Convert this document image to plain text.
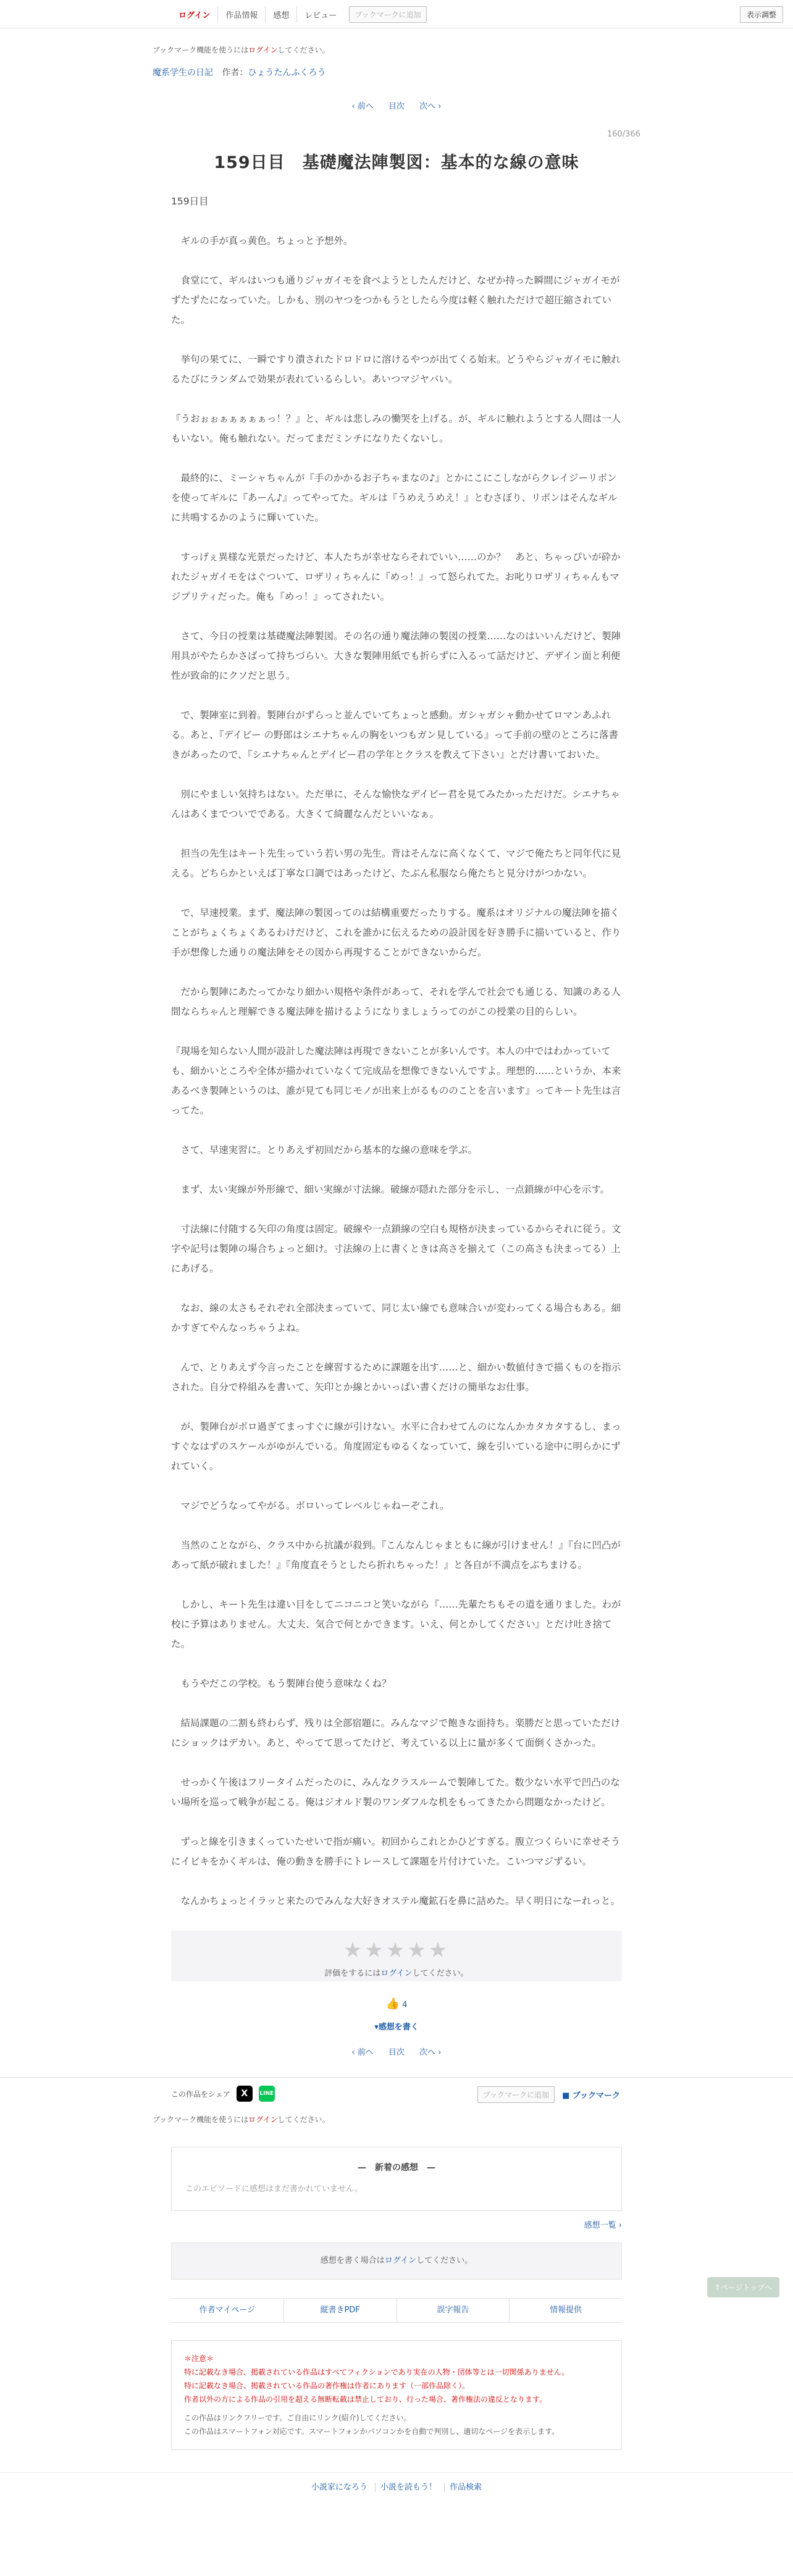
ログイン	作品情報	感想	レビュー	ブックマークに追加	表示調整
ブックマーク機能を使うにはログインしてください。
魔系学生の日記 作者：ひょうたんふくろう
‹ 前へ 目次 次へ ›
160/366
159日目　基礎魔法陣製図：基本的な線の意味

159日目

　ギルの手が真っ黄色。ちょっと予想外。

　食堂にて、ギルはいつも通りジャガイモを食べようとしたんだけど、なぜか持った瞬間にジャガイモがずたずたになっていた。しかも、別のヤつをつかもうとしたら今度は軽く触れただけで超圧縮されていた。

　挙句の果てに、一瞬ですり潰されたドロドロに溶けるやつが出てくる始末。どうやらジャガイモに触れるたびにランダムで効果が表れているらしい。あいつマジヤバい。

『うおぉぉぁぁぁぁぁっ！？』と、ギルは悲しみの慟哭を上げる。が、ギルに触れようとする人間は一人もいない。俺も触れない。だってまだミンチになりたくないし。

　最終的に、ミーシャちゃんが『手のかかるお子ちゃまなの♪』とかにこにこしながらクレイジーリボンを使ってギルに『あーん♪』ってやってた。ギルは『うめえうめえ！』とむさぼり、リボンはそんなギルに共鳴するかのように輝いていた。

　すっげぇ異様な光景だったけど、本人たちが幸せならそれでいい……のか？　あと、ちゃっぴいが砕かれたジャガイモをはぐついて、ロザリィちゃんに『めっ！』って怒られてた。お叱りロザリィちゃんもマジプリティだった。俺も『めっ！』ってされたい。

　さて、今日の授業は基礎魔法陣製図。その名の通り魔法陣の製図の授業……なのはいいんだけど、製陣用具がやたらかさばって持ちづらい。大きな製陣用紙でも折らずに入るって話だけど、デザイン面と利便性が致命的にクソだと思う。

　で、製陣室に到着。製陣台がずらっと並んでいてちょっと感動。ガシャガシャ動かせてロマンあふれる。あと、『デイビー の野郎はシエナちゃんの胸をいつもガン見している』って手前の壁のところに落書きがあったので、『シエナちゃんとデイビー君の学年とクラスを教えて下さい』とだけ書いておいた。

　別にやましい気持ちはない。ただ単に、そんな愉快なデイビー君を見てみたかっただけだ。シエナちゃんはあくまでついでである。大きくて綺麗なんだといいなぁ。

　担当の先生はキート先生っていう若い男の先生。背はそんなに高くなくて、マジで俺たちと同年代に見える。どちらかといえば丁寧な口調ではあったけど、たぶん私服なら俺たちと見分けがつかない。

　で、早速授業。まず、魔法陣の製図ってのは結構重要だったりする。魔系はオリジナルの魔法陣を描くことがちょくちょくあるわけだけど、これを誰かに伝えるための設計図を好き勝手に描いていると、作り手が想像した通りの魔法陣をその図から再現することができないからだ。

　だから製陣にあたってかなり細かい規格や条件があって、それを学んで社会でも通じる、知識のある人間ならちゃんと理解できる魔法陣を描けるようになりましょうってのがこの授業の目的らしい。

『現場を知らない人間が設計した魔法陣は再現できないことが多いんです。本人の中ではわかっていても、細かいところや全体が描かれていなくて完成品を想像できないんですよ。理想的……というか、本来あるべき製陣というのは、誰が見ても同じモノが出来上がるもののことを言います』ってキート先生は言ってた。

　さて、早速実習に。とりあえず初回だから基本的な線の意味を学ぶ。

　まず、太い実線が外形線で、細い実線が寸法線。破線が隠れた部分を示し、一点鎖線が中心を示す。

　寸法線に付随する矢印の角度は固定。破線や一点鎖線の空白も規格が決まっているからそれに従う。文字や記号は製陣の場合ちょっと細け。寸法線の上に書くときは高さを揃えて（この高さも決まってる）上にあげる。

　なお、線の太さもそれぞれ全部決まっていて、同じ太い線でも意味合いが変わってくる場合もある。細かすぎてやんなっちゃうよね。

　んで、とりあえず今言ったことを練習するために課題を出す……と、細かい数値付きで描くものを指示された。自分で枠組みを書いて、矢印とか線とかいっぱい書くだけの簡単なお仕事。

　が、製陣台がボロ過ぎてまっすぐに線が引けない。水平に合わせてんのになんかカタカタするし、まっすぐなはずのスケールがゆがんでいる。角度固定もゆるくなっていて、線を引いている途中に明らかにずれていく。

　マジでどうなってやがる。ボロいってレベルじゃねーぞこれ。

　当然のことながら、クラス中から抗議が殺到。『こんなんじゃまともに線が引けません！』『台に凹凸があって紙が破れました！』『角度直そうとしたら折れちゃった！』と各自が不満点をぶちまける。

　しかし、キート先生は違い目をしてニコニコと笑いながら『……先輩たちもその道を通りました。わが校に予算はありません。大丈夫、気合で何とかできます。いえ、何とかしてください』とだけ吐き捨てた。

　もうやだこの学校。もう製陣台使う意味なくね？

　結局課題の二割も終わらず、残りは全部宿題に。みんなマジで飽きな面持ち。楽勝だと思っていただけにショックはデカい。あと、やってて思ってたけど、考えている以上に量が多くて面倒くさかった。

　せっかく午後はフリータイムだったのに、みんなクラスルームで製陣してた。数少ない水平で凹凸のない場所を巡って戦争が起こる。俺はジオルド製のワンダフルな机をもってきたから問題なかったけど。

　ずっと線を引きまくっていたせいで指が痛い。初回からこれとかひどすぎる。腹立つくらいに幸せそうにイビキをかくギルは、俺の動きを勝手にトレースして課題を片付けていた。こいつマジずるい。

　なんかちょっとイラッと来たのでみんな大好きオステル魔鉱石を鼻に詰めた。早く明日になーれっと。

★★★★★
評価をするにはログインしてください。
👍 4
▾感想を書く
‹ 前へ 目次 次へ ›
この作品をシェア	X	LINE	ブックマークに追加	■ ブックマーク
ブックマーク機能を使うにはログインしてください。
—　新着の感想　—
このエピソードに感想はまだ書かれていません。
感想一覧 ›
感想を書く場合はログインしてください。
↑ページトップへ
作者マイページ	縦書きPDF	誤字報告	情報提供
＊注意＊
特に記載なき場合、掲載されている作品はすべてフィクションであり実在の人物・団体等とは一切関係ありません。
特に記載なき場合、掲載されている作品の著作権は作者にあります（一部作品除く）。
作者以外の方による作品の引用を超える無断転載は禁止しており、行った場合、著作権法の違反となります。
この作品はリンクフリーです。ご自由にリンク(紹介)してください。
この作品はスマートフォン対応です。スマートフォンかパソコンかを自動で判別し、適切なページを表示します。
小説家になろう 小説を読もう！ 作品検索
